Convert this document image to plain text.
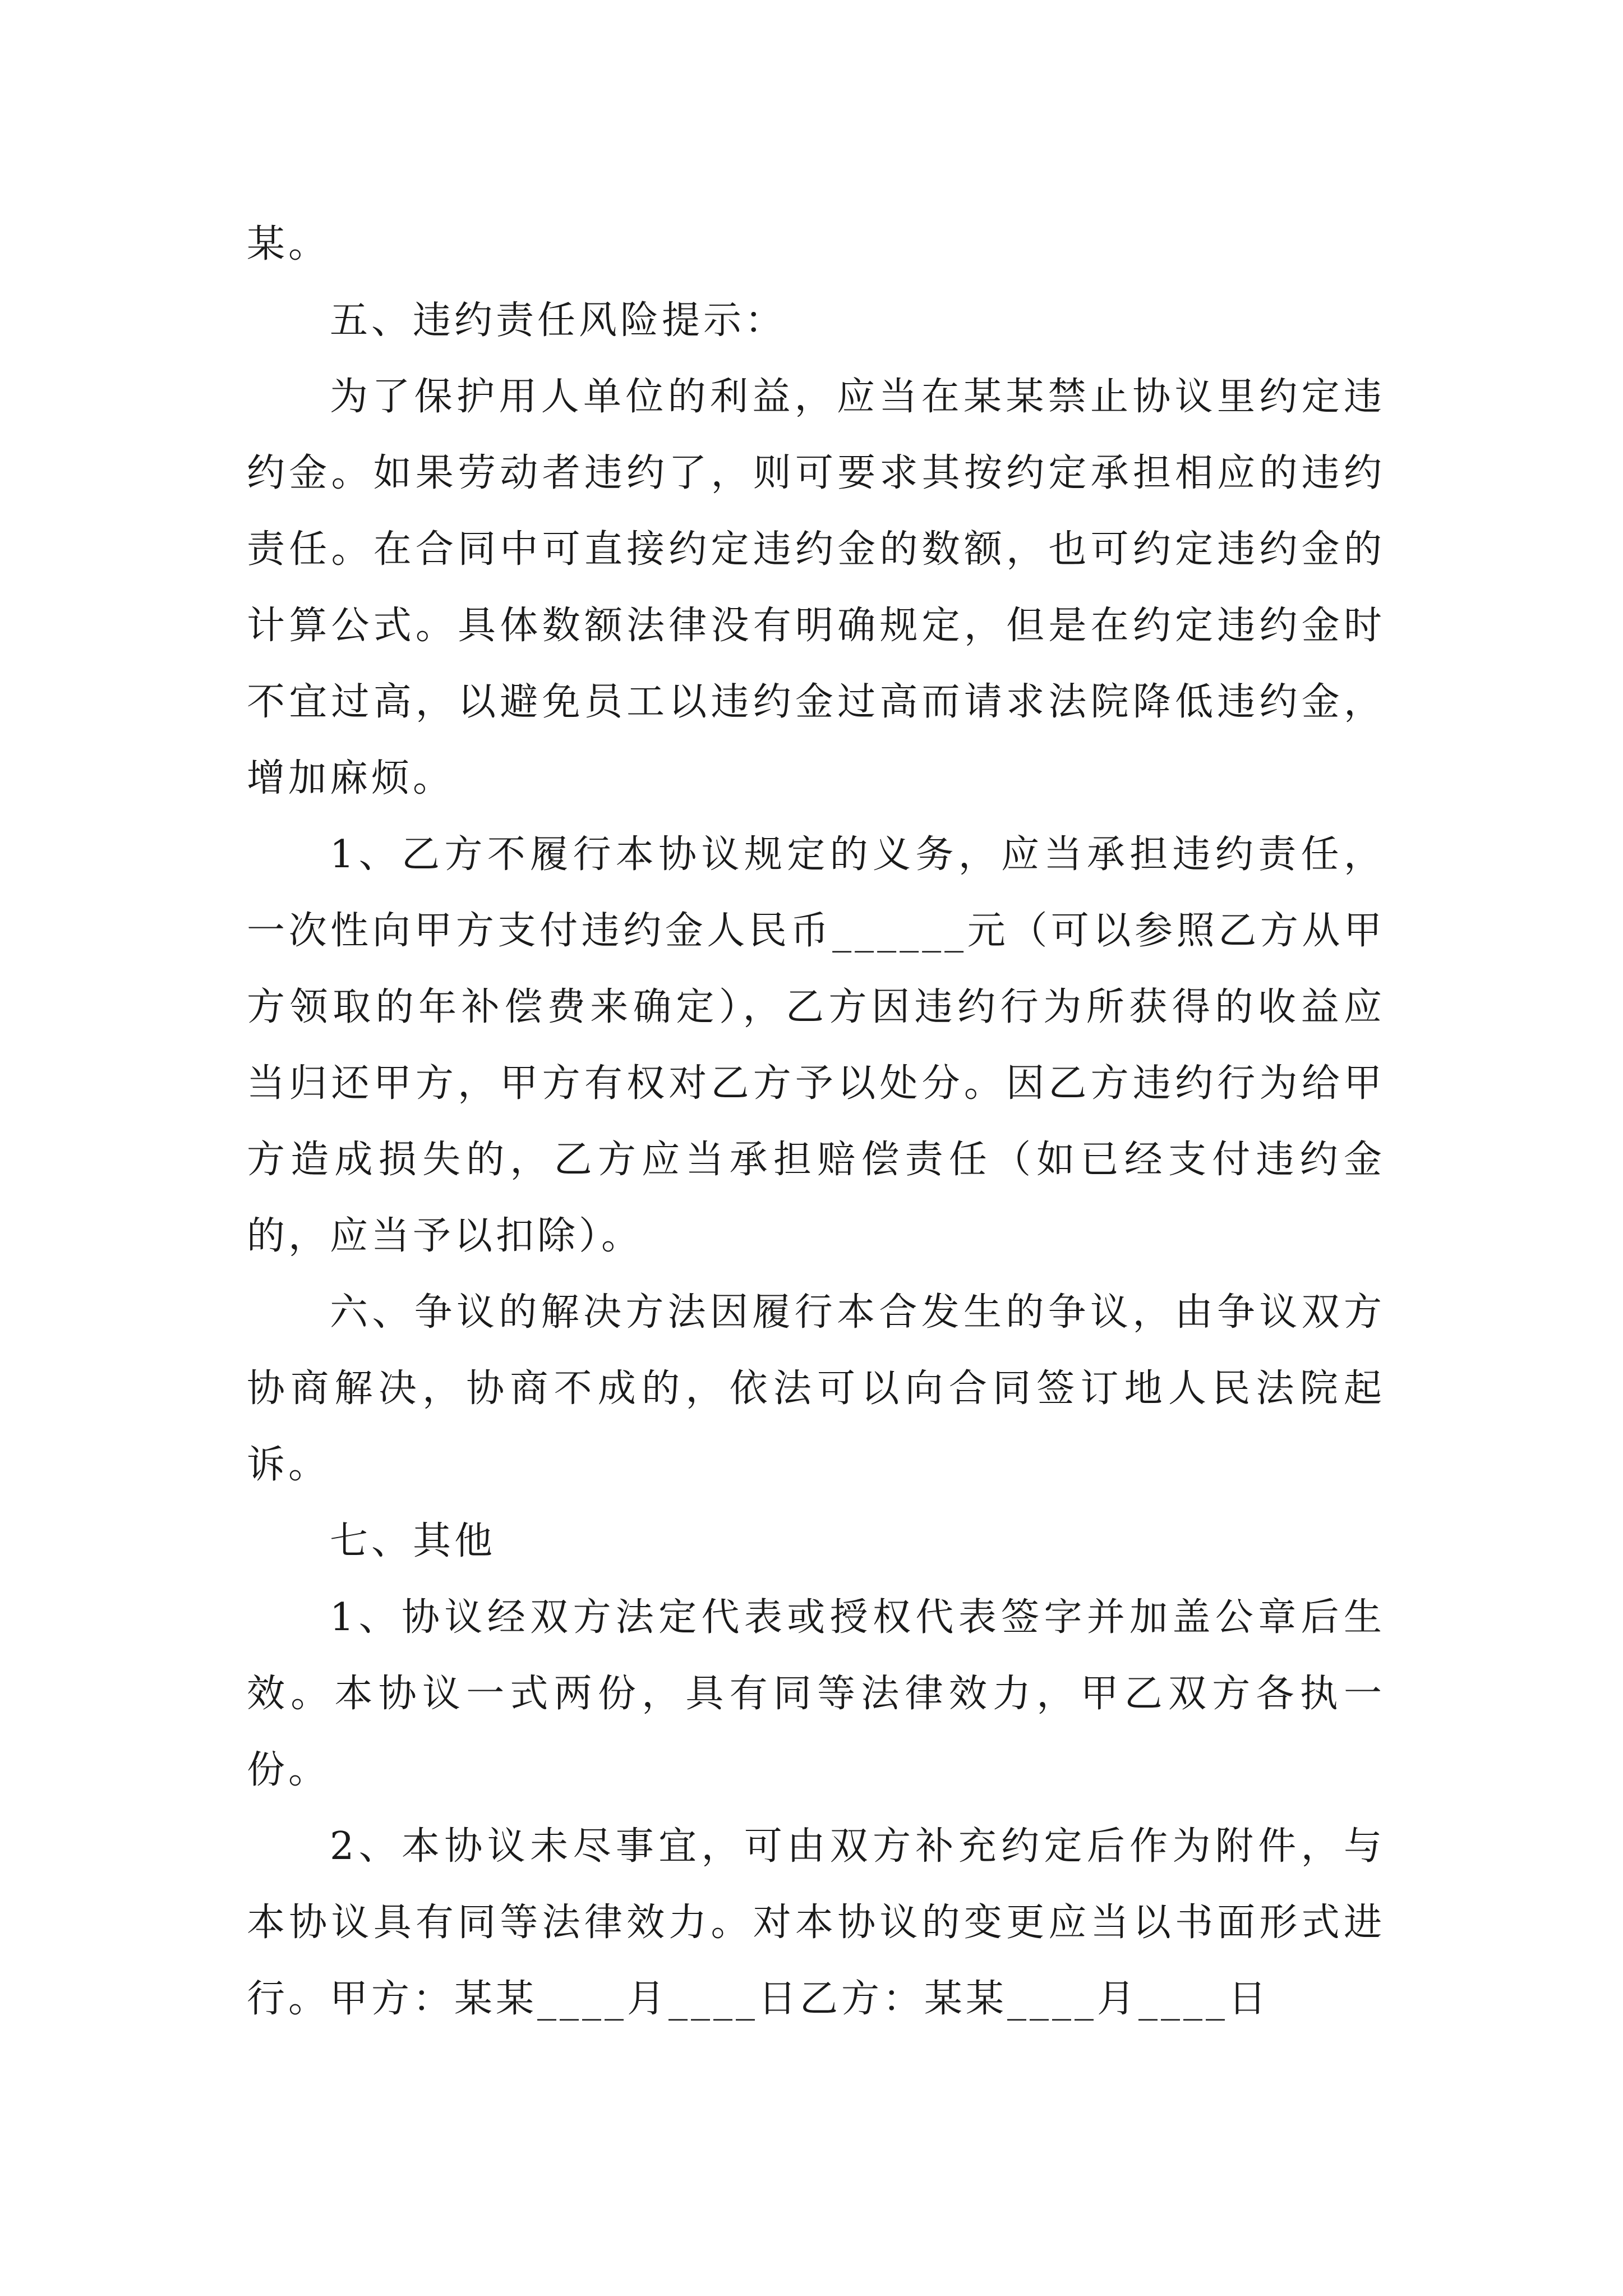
某。

五、违约责任风险提示：

为了保护用人单位的利益，应当在某某禁止协议里约定违约金。如果劳动者违约了，则可要求其按约定承担相应的违约责任。在合同中可直接约定违约金的数额，也可约定违约金的计算公式。具体数额法律没有明确规定，但是在约定违约金时不宜过高，以避免员工以违约金过高而请求法院降低违约金，增加麻烦。

1、乙方不履行本协议规定的义务，应当承担违约责任，一次性向甲方支付违约金人民币______元（可以参照乙方从甲方领取的年补偿费来确定），乙方因违约行为所获得的收益应当归还甲方，甲方有权对乙方予以处分。因乙方违约行为给甲方造成损失的，乙方应当承担赔偿责任（如已经支付违约金的，应当予以扣除）。

六、争议的解决方法因履行本合发生的争议，由争议双方协商解决，协商不成的，依法可以向合同签订地人民法院起诉。

七、其他

1、协议经双方法定代表或授权代表签字并加盖公章后生效。本协议一式两份，具有同等法律效力，甲乙双方各执一份。

2、本协议未尽事宜，可由双方补充约定后作为附件，与本协议具有同等法律效力。对本协议的变更应当以书面形式进行。甲方：某某____月____日乙方：某某____月____日
